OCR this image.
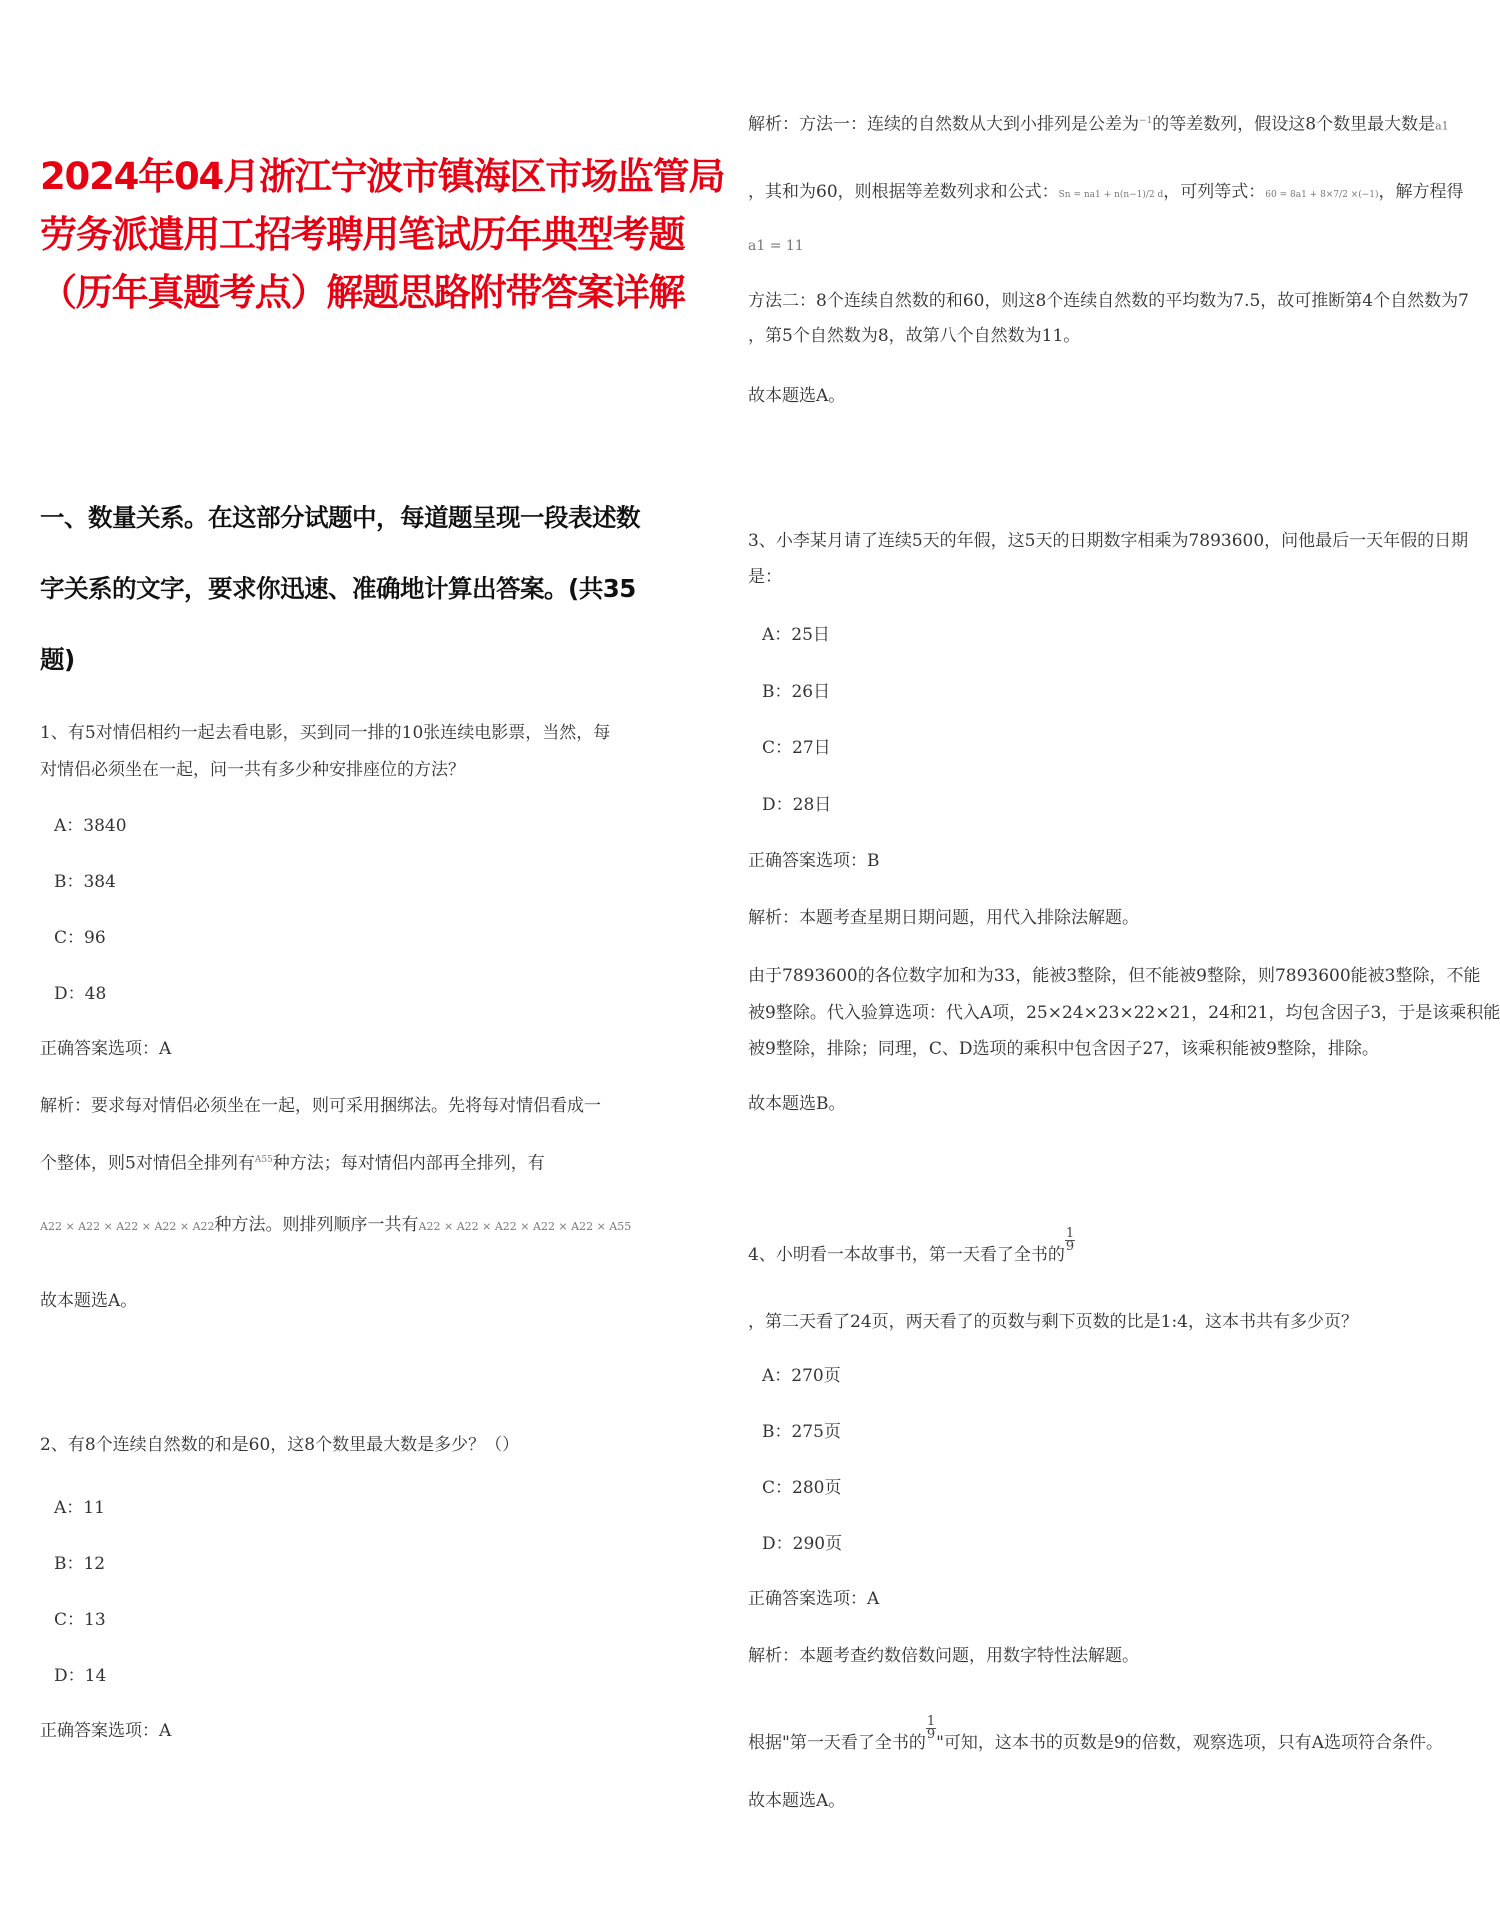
2024年04月浙江宁波市镇海区市场监管局
劳务派遣用工招考聘用笔试历年典型考题
（历年真题考点）解题思路附带答案详解
一、数量关系。在这部分试题中，每道题呈现一段表述数
字关系的文字，要求你迅速、准确地计算出答案。(共35
题)
1、有5对情侣相约一起去看电影，买到同一排的10张连续电影票，当然，每
对情侣必须坐在一起，问一共有多少种安排座位的方法？
A：3840
B：384
C：96
D：48
正确答案选项：A
解析：要求每对情侣必须坐在一起，则可采用捆绑法。先将每对情侣看成一
个整体，则5对情侣全排列有$^{A55}$种方法；每对情侣内部再全排列，有
A22 × A22 × A22 × A22 × A22种方法。则排列顺序一共有A22 × A22 × A22 × A22 × A22 × A55
故本题选A。
2、有8个连续自然数的和是60，这8个数里最大数是多少？（）
A：11
B：12
C：13
D：14
正确答案选项：A
解析：方法一：连续的自然数从大到小排列是公差为$^{-1}$的等差数列，假设这8个数里最大数是a1
，其和为60，则根据等差数列求和公式：Sn = na1 + n(n−1)/2 d，可列等式：60 = 8a1 + 8×7/2 ×(−1)，解方程得
a1 = 11
方法二：8个连续自然数的和60，则这8个连续自然数的平均数为7.5，故可推断第4个自然数为7
，第5个自然数为8，故第八个自然数为11。
故本题选A。
3、小李某月请了连续5天的年假，这5天的日期数字相乘为7893600，问他最后一天年假的日期
是：
A：25日
B：26日
C：27日
D：28日
正确答案选项：B
解析：本题考查星期日期问题，用代入排除法解题。
由于7893600的各位数字加和为33，能被3整除，但不能被9整除，则7893600能被3整除，不能
被9整除。代入验算选项：代入A项，25×24×23×22×21，24和21，均包含因子3，于是该乘积能
被9整除，排除；同理，C、D选项的乘积中包含因子27，该乘积能被9整除，排除。
故本题选B。
4、小明看一本故事书，第一天看了全书的
$\frac{1}{9}$
，第二天看了24页，两天看了的页数与剩下页数的比是1:4，这本书共有多少页？
A：270页
B：275页
C：280页
D：290页
正确答案选项：A
解析：本题考查约数倍数问题，用数字特性法解题。
根据"第一天看了全书的
$\frac{1}{9}$
"可知，这本书的页数是9的倍数，观察选项，只有A选项符合条件。
故本题选A。
